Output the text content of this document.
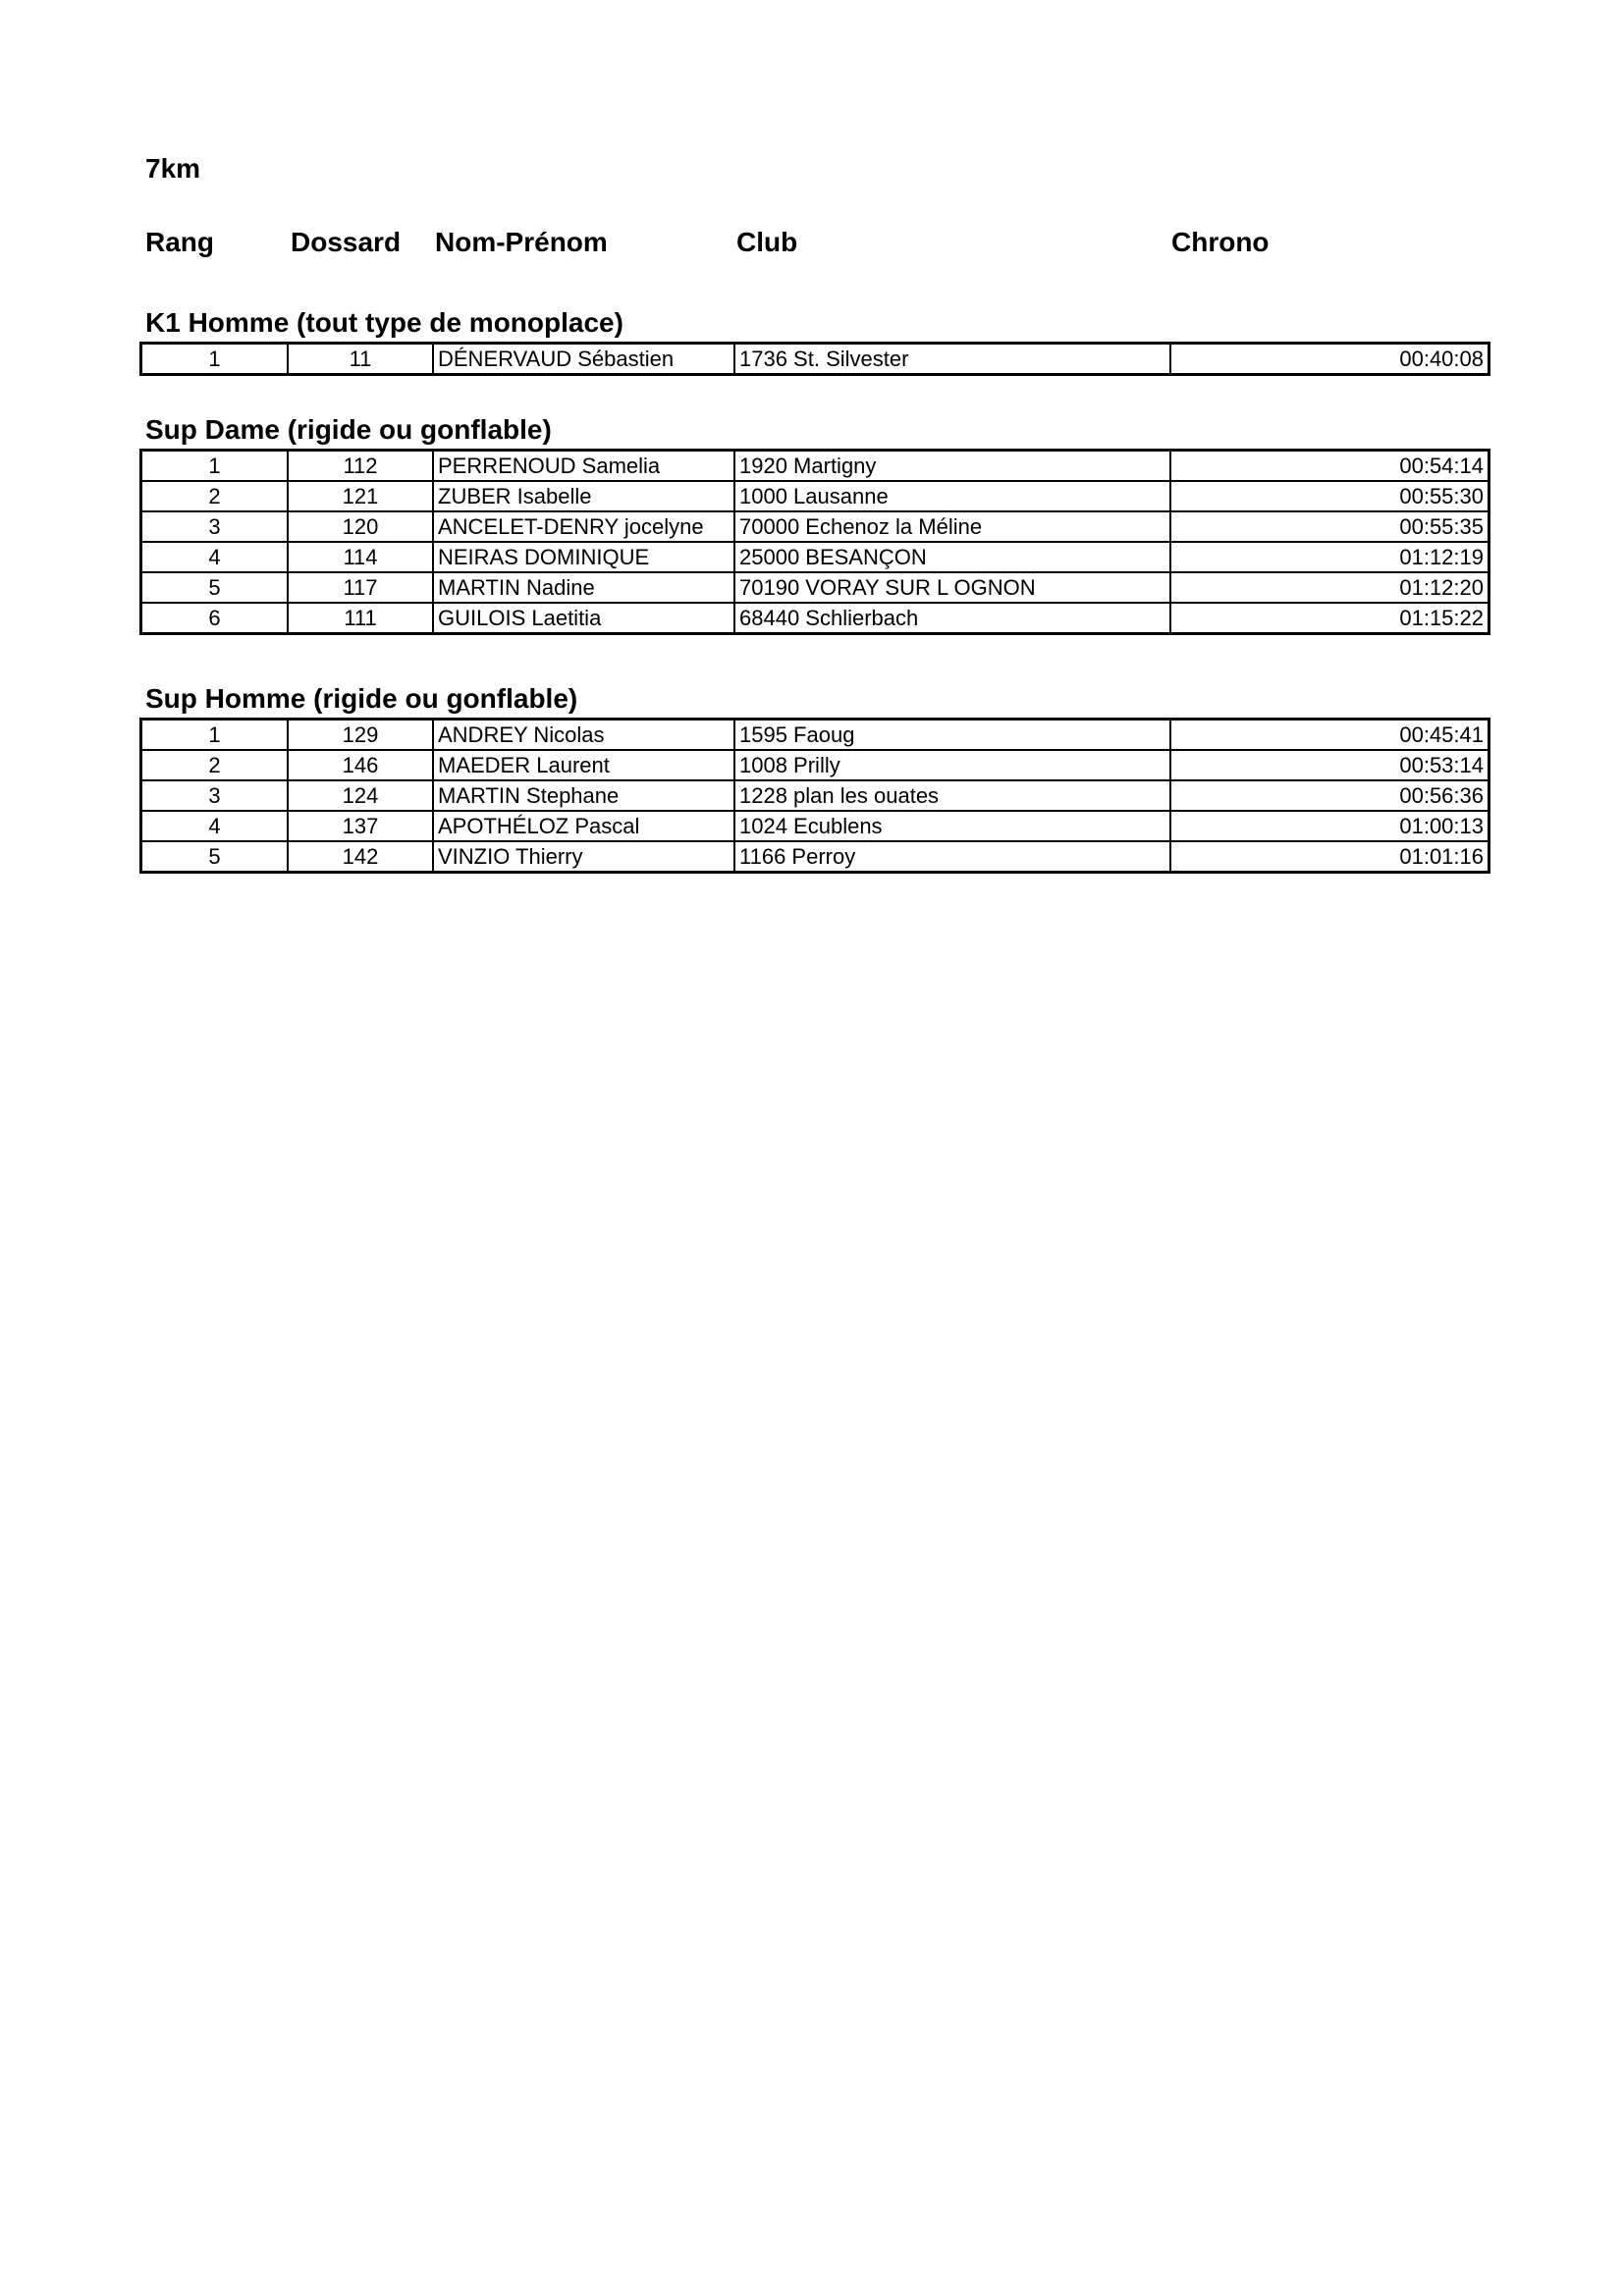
7km
Rang	Dossard Nom-Prénom	Club	Chrono
K1 Homme (tout type de monoplace)
1	11	DÉNERVAUD Sébastien	1736 St. Silvester	00:40:08
Sup Dame (rigide ou gonflable)
1	112	PERRENOUD Samelia	1920 Martigny	00:54:14
2	121	ZUBER Isabelle	1000 Lausanne	00:55:30
3	120	ANCELET-DENRY jocelyne	70000 Echenoz la Méline	00:55:35
4	114	NEIRAS DOMINIQUE	25000 BESANÇON	01:12:19
5	117	MARTIN Nadine	70190 VORAY SUR L OGNON	01:12:20
6	111	GUILOIS Laetitia	68440 Schlierbach	01:15:22
Sup Homme (rigide ou gonflable)
1	129	ANDREY Nicolas	1595 Faoug	00:45:41
2	146	MAEDER Laurent	1008 Prilly	00:53:14
3	124	MARTIN Stephane	1228 plan les ouates	00:56:36
4	137	APOTHÉLOZ Pascal	1024 Ecublens	01:00:13
5	142	VINZIO Thierry	1166 Perroy	01:01:16
